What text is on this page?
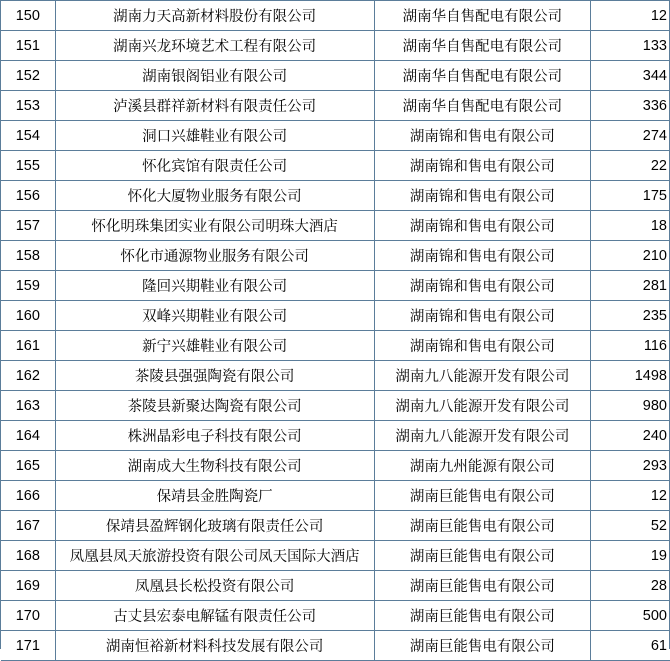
150	湖南力天高新材料股份有限公司	湖南华自售配电有限公司	12
151	湖南兴龙环境艺术工程有限公司	湖南华自售配电有限公司	133
152	湖南银阁铝业有限公司	湖南华自售配电有限公司	344
153	泸溪县群祥新材料有限责任公司	湖南华自售配电有限公司	336
154	洞口兴雄鞋业有限公司	湖南锦和售电有限公司	274
155	怀化宾馆有限责任公司	湖南锦和售电有限公司	22
156	怀化大厦物业服务有限公司	湖南锦和售电有限公司	175
157	怀化明珠集团实业有限公司明珠大酒店	湖南锦和售电有限公司	18
158	怀化市通源物业服务有限公司	湖南锦和售电有限公司	210
159	隆回兴期鞋业有限公司	湖南锦和售电有限公司	281
160	双峰兴期鞋业有限公司	湖南锦和售电有限公司	235
161	新宁兴雄鞋业有限公司	湖南锦和售电有限公司	116
162	茶陵县强强陶瓷有限公司	湖南九八能源开发有限公司	1498
163	茶陵县新聚达陶瓷有限公司	湖南九八能源开发有限公司	980
164	株洲晶彩电子科技有限公司	湖南九八能源开发有限公司	240
165	湖南成大生物科技有限公司	湖南九州能源有限公司	293
166	保靖县金胜陶瓷厂	湖南巨能售电有限公司	12
167	保靖县盈辉钢化玻璃有限责任公司	湖南巨能售电有限公司	52
168	凤凰县凤天旅游投资有限公司凤天国际大酒店	湖南巨能售电有限公司	19
169	凤凰县长松投资有限公司	湖南巨能售电有限公司	28
170	古丈县宏泰电解锰有限责任公司	湖南巨能售电有限公司	500
171	湖南恒裕新材料科技发展有限公司	湖南巨能售电有限公司	61
